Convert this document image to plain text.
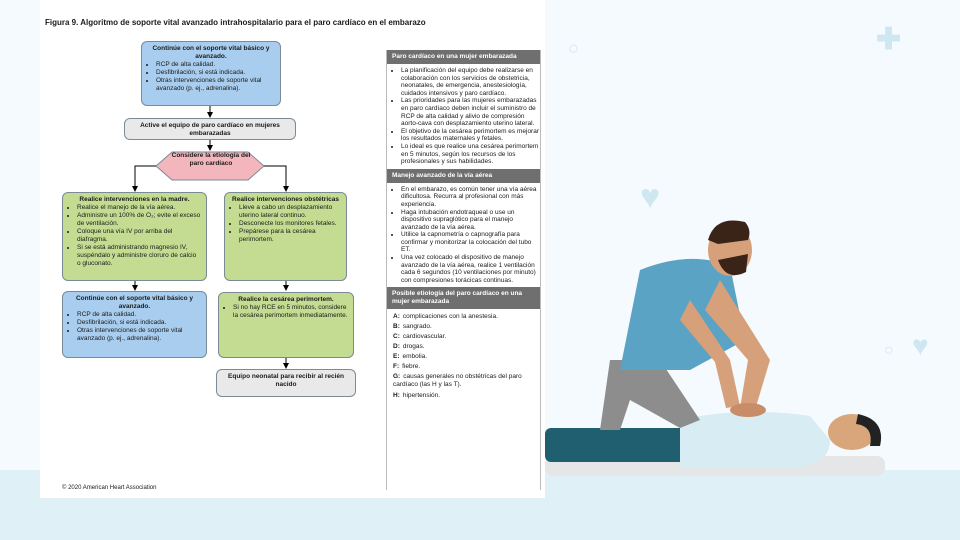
✚
♥
♥
○
○
Figura 9. Algoritmo de soporte vital avanzado intrahospitalario para el paro cardíaco en el embarazo
Continúe con el soporte vital básico y avanzado.
• RCP de alta calidad.
• Desfibrilación, si está indicada.
• Otras intervenciones de soporte vital avanzado (p. ej., adrenalina).
Active el equipo de paro cardíaco en mujeres embarazadas
Considere la etiología del paro cardíaco
Realice intervenciones en la madre.
• Realice el manejo de la vía aérea.
• Administre un 100% de O₂; evite el exceso de ventilación.
• Coloque una vía IV por arriba del diafragma.
• Si se está administrando magnesio IV, suspéndalo y administre cloruro de calcio o gluconato.
Realice intervenciones obstétricas
• Lleve a cabo un desplazamiento uterino lateral continuo.
• Desconecte los monitores fetales.
• Prepárese para la cesárea perimortem.
Continúe con el soporte vital básico y avanzado.
• RCP de alta calidad.
• Desfibrilación, si está indicada.
• Otras intervenciones de soporte vital avanzado (p. ej., adrenalina).
Realice la cesárea perimortem.
• Si no hay RCE en 5 minutos, considere la cesárea perimortem inmediatamente.
Equipo neonatal para recibir al recién nacido
© 2020 American Heart Association
Paro cardíaco en una mujer embarazada
• La planificación del equipo debe realizarse en colaboración con los servicios de obstetricia, neonatales, de emergencia, anestesiología, cuidados intensivos y paro cardíaco.
• Las prioridades para las mujeres embarazadas en paro cardíaco deben incluir el suministro de RCP de alta calidad y alivio de compresión aorto-cava con desplazamiento uterino lateral.
• El objetivo de la cesárea perimortem es mejorar los resultados maternales y fetales.
• Lo ideal es que realice una cesárea perimortem en 5 minutos, según los recursos de los profesionales y sus habilidades.
Manejo avanzado de la vía aérea
• En el embarazo, es común tener una vía aérea dificultosa. Recurra al profesional con más experiencia.
• Haga intubación endotraqueal o use un dispositivo supraglótico para el manejo avanzado de la vía aérea.
• Utilice la capnometría o capnografía para confirmar y monitorizar la colocación del tubo ET.
• Una vez colocado el dispositivo de manejo avanzado de la vía aérea, realice 1 ventilación cada 6 segundos (10 ventilaciones por minuto) con compresiones torácicas continuas.
Posible etiología del paro cardíaco en una mujer embarazada
A: complicaciones con la anestesia.
B: sangrado.
C: cardiovascular.
D: drogas.
E: embolia.
F: fiebre.
G: causas generales no obstétricas del paro cardíaco (las H y las T).
H: hipertensión.
